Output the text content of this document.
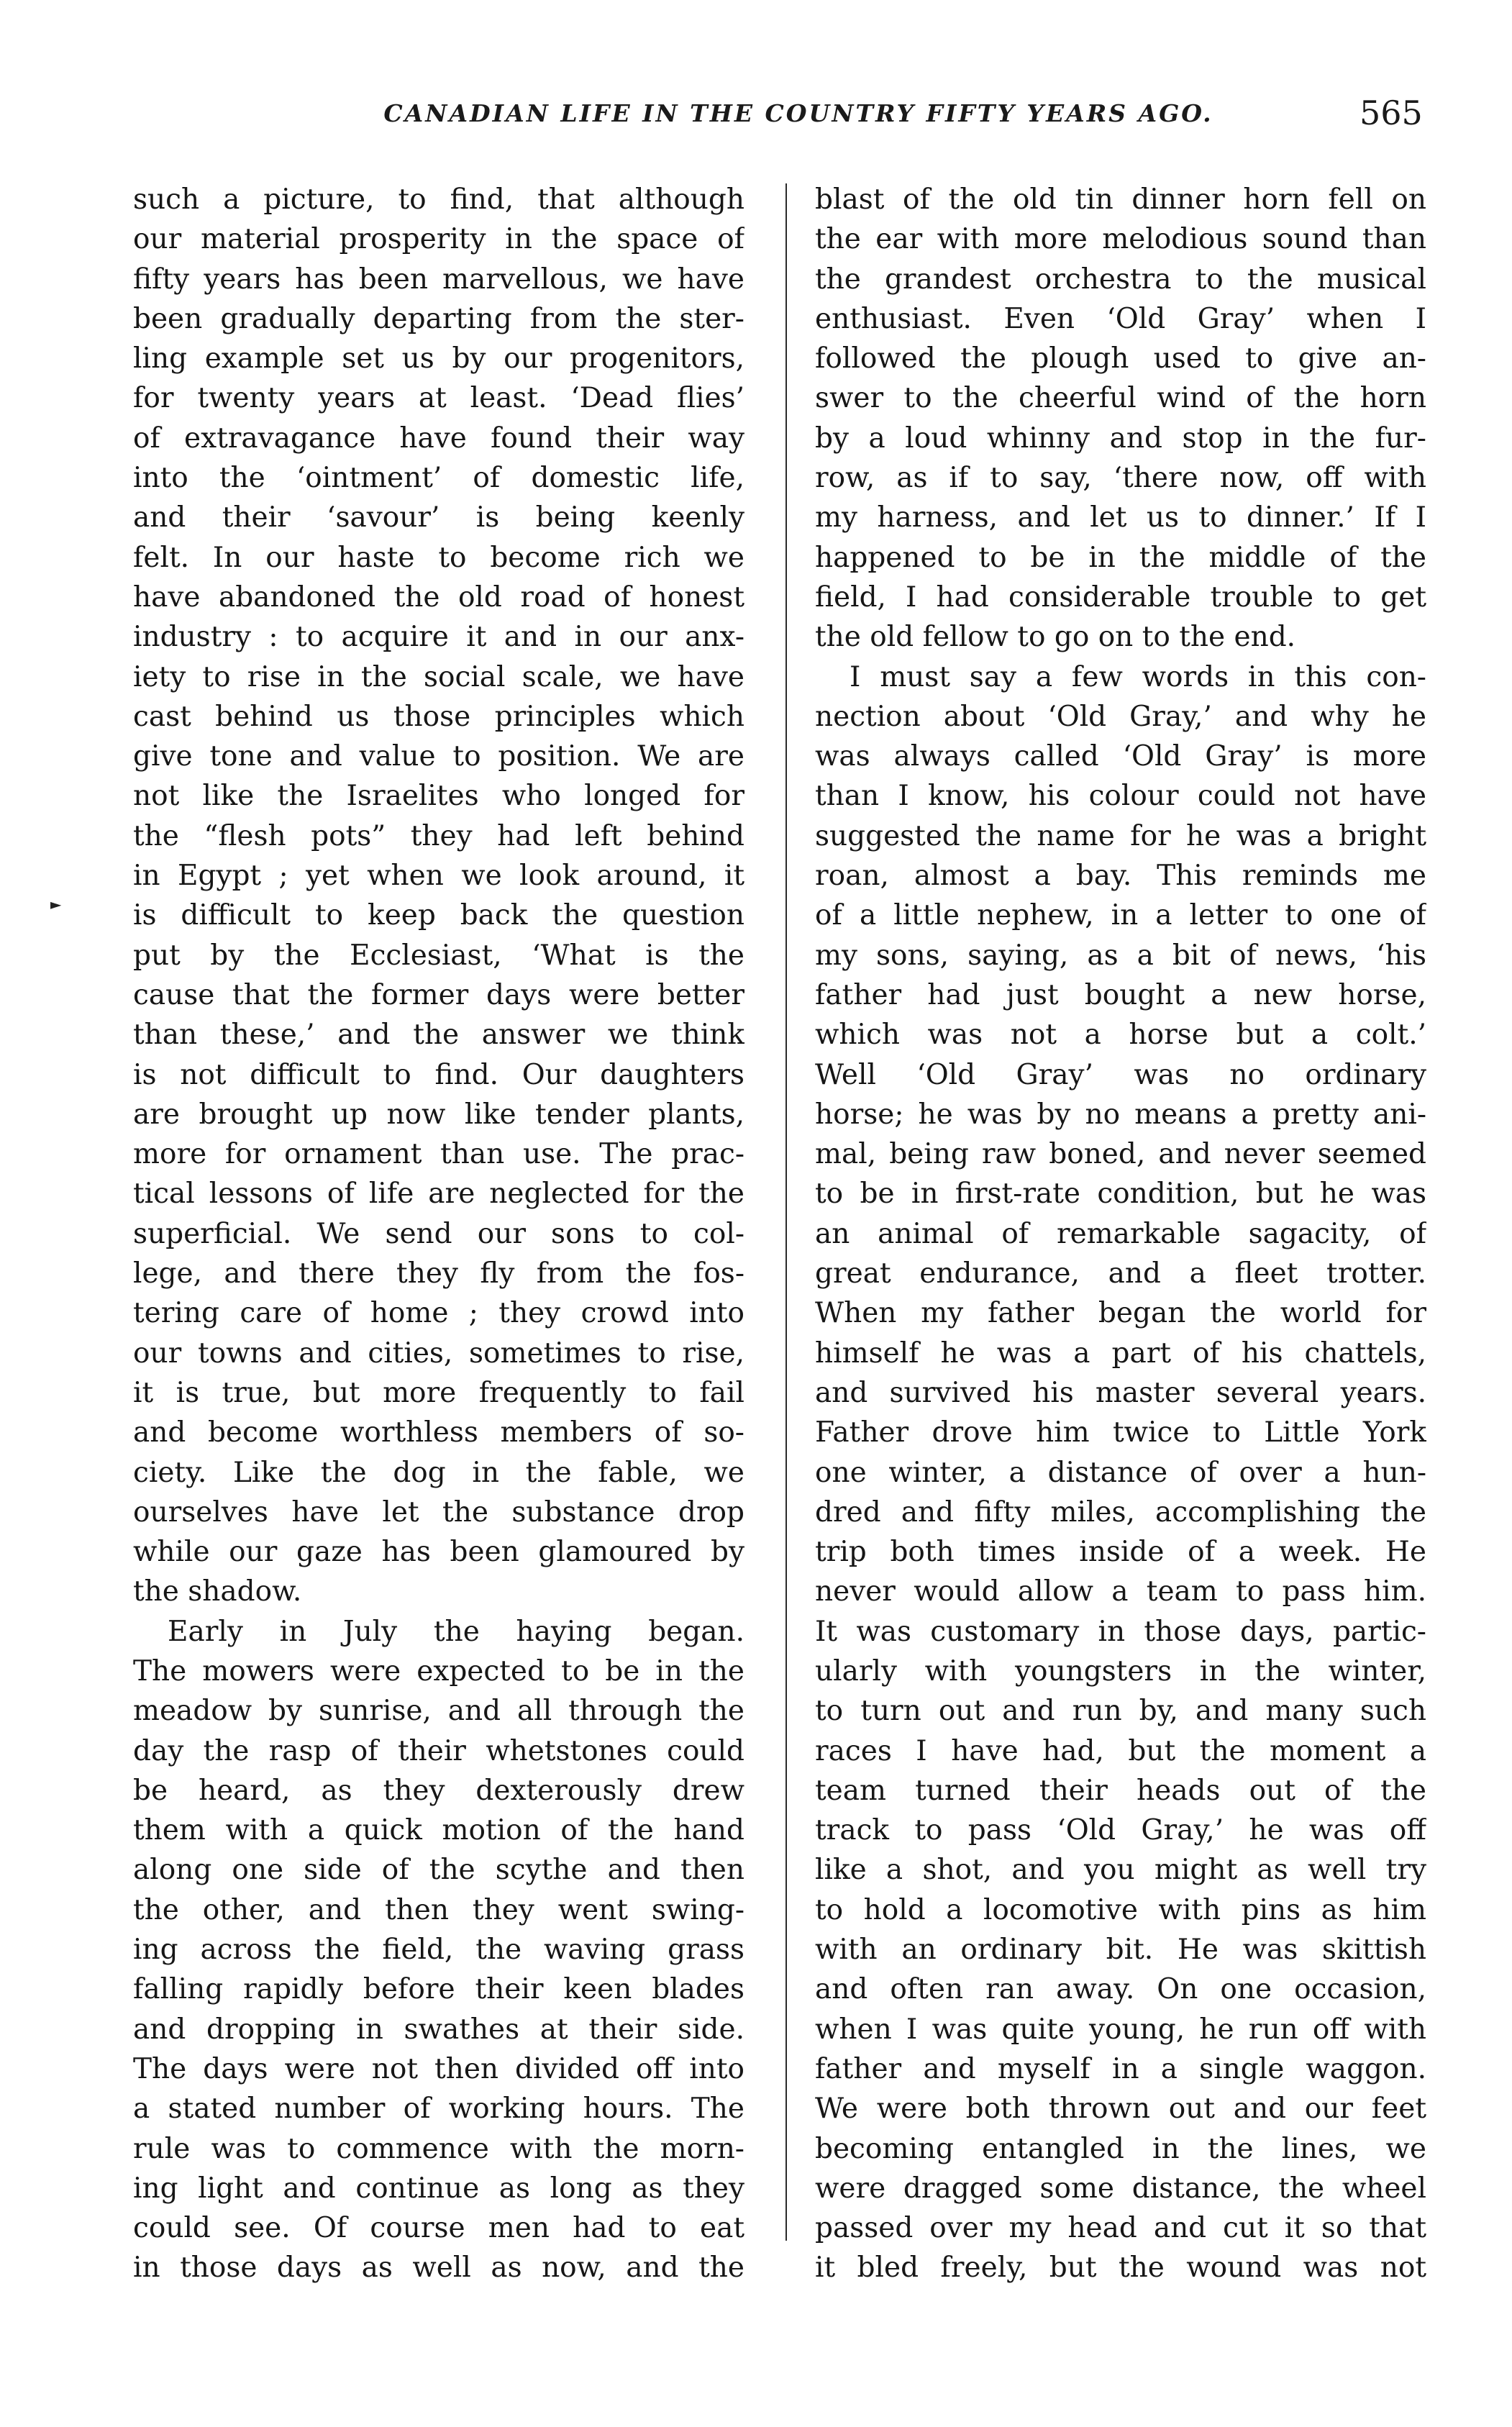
CANADIAN LIFE IN THE COUNTRY FIFTY YEARS AGO.	565
►
such a picture, to find, that although
our material prosperity in the space of
fifty years has been marvellous, we have
been gradually departing from the ster-
ling example set us by our progenitors,
for twenty years at least. ‘Dead flies’
of extravagance have found their way
into the ‘ointment’ of domestic life,
and their ‘savour’ is being keenly
felt. In our haste to become rich we
have abandoned the old road of honest
industry : to acquire it and in our anx-
iety to rise in the social scale, we have
cast behind us those principles which
give tone and value to position. We are
not like the Israelites who longed for
the “flesh pots” they had left behind
in Egypt ; yet when we look around, it
is difficult to keep back the question
put by the Ecclesiast, ‘What is the
cause that the former days were better
than these,’ and the answer we think
is not difficult to find. Our daughters
are brought up now like tender plants,
more for ornament than use. The prac-
tical lessons of life are neglected for the
superficial. We send our sons to col-
lege, and there they fly from the fos-
tering care of home ; they crowd into
our towns and cities, sometimes to rise,
it is true, but more frequently to fail
and become worthless members of so-
ciety. Like the dog in the fable, we
ourselves have let the substance drop
while our gaze has been glamoured by
the shadow.
Early in July the haying began.
The mowers were expected to be in the
meadow by sunrise, and all through the
day the rasp of their whetstones could
be heard, as they dexterously drew
them with a quick motion of the hand
along one side of the scythe and then
the other, and then they went swing-
ing across the field, the waving grass
falling rapidly before their keen blades
and dropping in swathes at their side.
The days were not then divided off into
a stated number of working hours. The
rule was to commence with the morn-
ing light and continue as long as they
could see. Of course men had to eat
in those days as well as now, and the
blast of the old tin dinner horn fell on
the ear with more melodious sound than
the grandest orchestra to the musical
enthusiast. Even ‘Old Gray’ when I
followed the plough used to give an-
swer to the cheerful wind of the horn
by a loud whinny and stop in the fur-
row, as if to say, ‘there now, off with
my harness, and let us to dinner.’ If I
happened to be in the middle of the
field, I had considerable trouble to get
the old fellow to go on to the end.
I must say a few words in this con-
nection about ‘Old Gray,’ and why he
was always called ‘Old Gray’ is more
than I know, his colour could not have
suggested the name for he was a bright
roan, almost a bay. This reminds me
of a little nephew, in a letter to one of
my sons, saying, as a bit of news, ‘his
father had just bought a new horse,
which was not a horse but a colt.’
Well ‘Old Gray’ was no ordinary
horse; he was by no means a pretty ani-
mal, being raw boned, and never seemed
to be in first-rate condition, but he was
an animal of remarkable sagacity, of
great endurance, and a fleet trotter.
When my father began the world for
himself he was a part of his chattels,
and survived his master several years.
Father drove him twice to Little York
one winter, a distance of over a hun-
dred and fifty miles, accomplishing the
trip both times inside of a week. He
never would allow a team to pass him.
It was customary in those days, partic-
ularly with youngsters in the winter,
to turn out and run by, and many such
races I have had, but the moment a
team turned their heads out of the
track to pass ‘Old Gray,’ he was off
like a shot, and you might as well try
to hold a locomotive with pins as him
with an ordinary bit. He was skittish
and often ran away. On one occasion,
when I was quite young, he run off with
father and myself in a single waggon.
We were both thrown out and our feet
becoming entangled in the lines, we
were dragged some distance, the wheel
passed over my head and cut it so that
it bled freely, but the wound was not
